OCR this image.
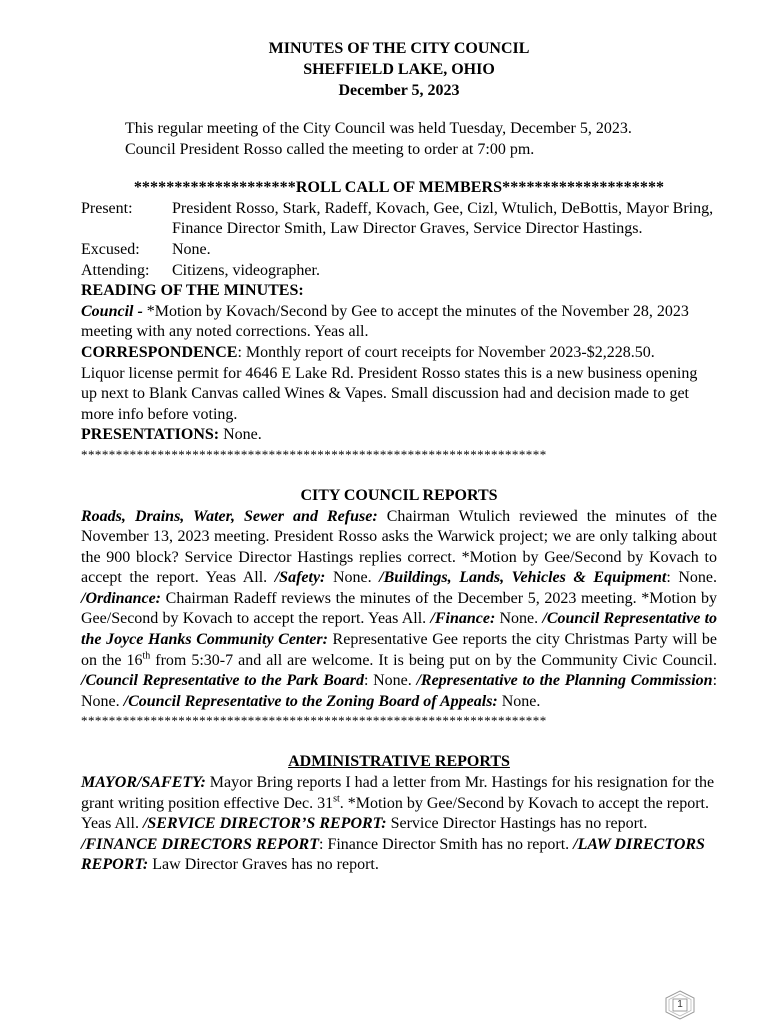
MINUTES OF THE CITY COUNCIL
SHEFFIELD LAKE, OHIO
December 5, 2023
This regular meeting of the City Council was held Tuesday, December 5, 2023.
Council President Rosso called the meeting to order at 7:00 pm.
********************ROLL CALL OF MEMBERS********************
Present:	President Rosso, Stark, Radeff, Kovach, Gee, Cizl, Wtulich, DeBottis, Mayor Bring, Finance Director Smith, Law Director Graves, Service Director Hastings.
Excused:	None.
Attending:	Citizens, videographer.
READING OF THE MINUTES:
Council - *Motion by Kovach/Second by Gee to accept the minutes of the November 28, 2023 meeting with any noted corrections. Yeas all.
CORRESPONDENCE: Monthly report of court receipts for November 2023-$2,228.50.
Liquor license permit for 4646 E Lake Rd. President Rosso states this is a new business opening up next to Blank Canvas called Wines & Vapes. Small discussion had and decision made to get more info before voting.
PRESENTATIONS: None.
*******************************************************************
CITY COUNCIL REPORTS
Roads, Drains, Water, Sewer and Refuse: Chairman Wtulich reviewed the minutes of the November 13, 2023 meeting. President Rosso asks the Warwick project; we are only talking about the 900 block? Service Director Hastings replies correct. *Motion by Gee/Second by Kovach to accept the report. Yeas All. /Safety: None. /Buildings, Lands, Vehicles & Equipment: None. /Ordinance: Chairman Radeff reviews the minutes of the December 5, 2023 meeting. *Motion by Gee/Second by Kovach to accept the report. Yeas All. /Finance: None. /Council Representative to the Joyce Hanks Community Center: Representative Gee reports the city Christmas Party will be on the 16th from 5:30-7 and all are welcome. It is being put on by the Community Civic Council. /Council Representative to the Park Board: None. /Representative to the Planning Commission: None. /Council Representative to the Zoning Board of Appeals: None.
*******************************************************************
ADMINISTRATIVE REPORTS
MAYOR/SAFETY: Mayor Bring reports I had a letter from Mr. Hastings for his resignation for the grant writing position effective Dec. 31st. *Motion by Gee/Second by Kovach to accept the report. Yeas All. /SERVICE DIRECTOR’S REPORT: Service Director Hastings has no report. /FINANCE DIRECTORS REPORT: Finance Director Smith has no report. /LAW DIRECTORS REPORT: Law Director Graves has no report.
1
